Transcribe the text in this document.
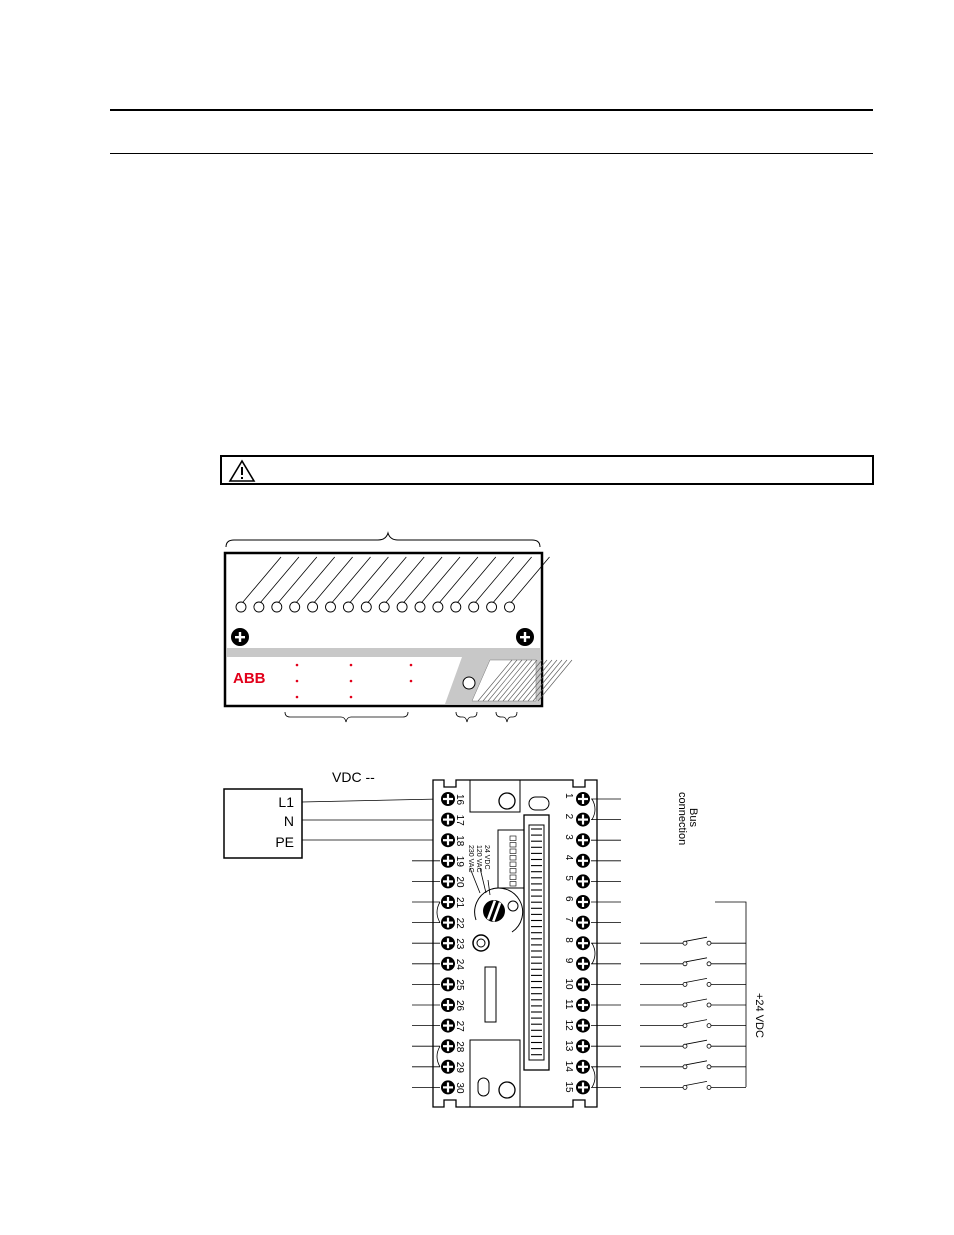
ABB
VDC --
L1
N
PE
24 VDC
120 VAC
230 VAC
16
17
18
19
20
21
22
23
24
25
26
27
28
29
30
1
2
3
4
5
6
7
8
9
10
11
12
13
14
15
Bus
connection
+24 VDC
